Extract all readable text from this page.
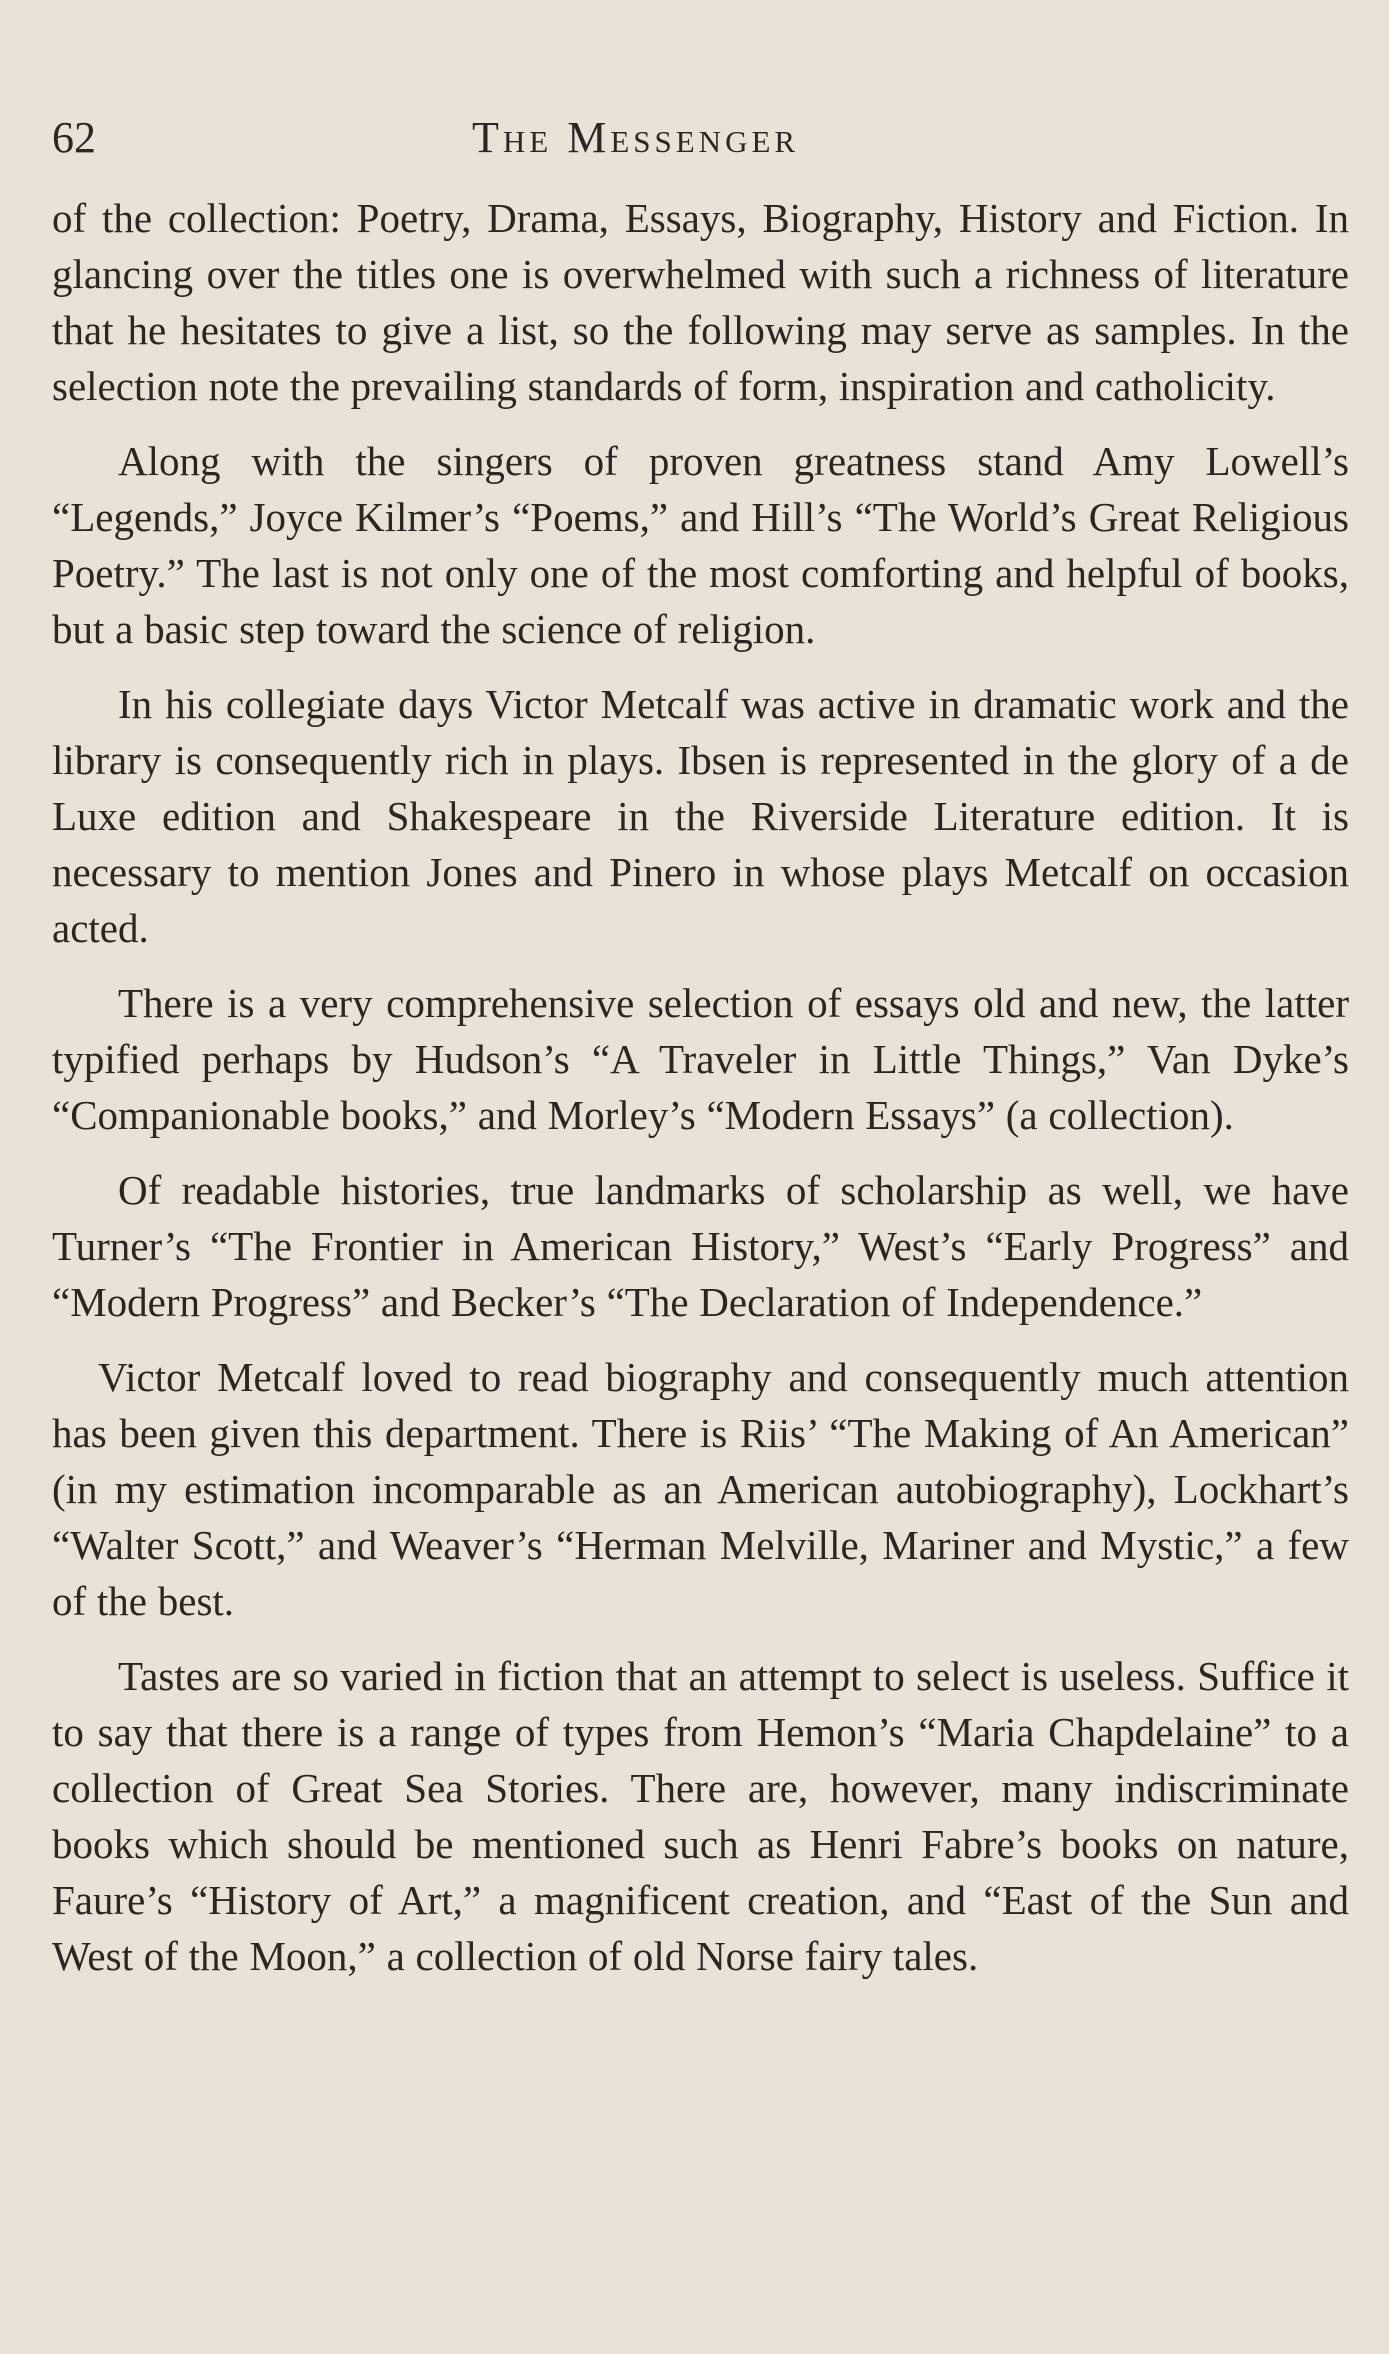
62	The Messenger

of the collection: Poetry, Drama, Essays, Biography, History and Fiction. In glancing over the titles one is overwhelmed with such a richness of literature that he hesitates to give a list, so the following may serve as samples. In the selection note the prevailing standards of form, inspiration and catholicity.

Along with the singers of proven greatness stand Amy Lowell’s “Legends,” Joyce Kilmer’s “Poems,” and Hill’s “The World’s Great Religious Poetry.” The last is not only one of the most comforting and helpful of books, but a basic step toward the science of religion.

In his collegiate days Victor Metcalf was active in dramatic work and the library is consequently rich in plays. Ibsen is represented in the glory of a de Luxe edition and Shakespeare in the Riverside Literature edition. It is necessary to mention Jones and Pinero in whose plays Metcalf on occasion acted.

There is a very comprehensive selection of essays old and new, the latter typified perhaps by Hudson’s “A Traveler in Little Things,” Van Dyke’s “Companionable books,” and Morley’s “Modern Essays” (a collection).

Of readable histories, true landmarks of scholarship as well, we have Turner’s “The Frontier in American History,” West’s “Early Progress” and “Modern Progress” and Becker’s “The Declaration of Independence.”

Victor Metcalf loved to read biography and consequently much attention has been given this department. There is Riis’ “The Making of An American” (in my estimation incomparable as an American autobiography), Lockhart’s “Walter Scott,” and Weaver’s “Herman Melville, Mariner and Mystic,” a few of the best.

Tastes are so varied in fiction that an attempt to select is useless. Suffice it to say that there is a range of types from Hemon’s “Maria Chapdelaine” to a collection of Great Sea Stories. There are, however, many indiscriminate books which should be mentioned such as Henri Fabre’s books on nature, Faure’s “History of Art,” a magnificent creation, and “East of the Sun and West of the Moon,” a collection of old Norse fairy tales.
